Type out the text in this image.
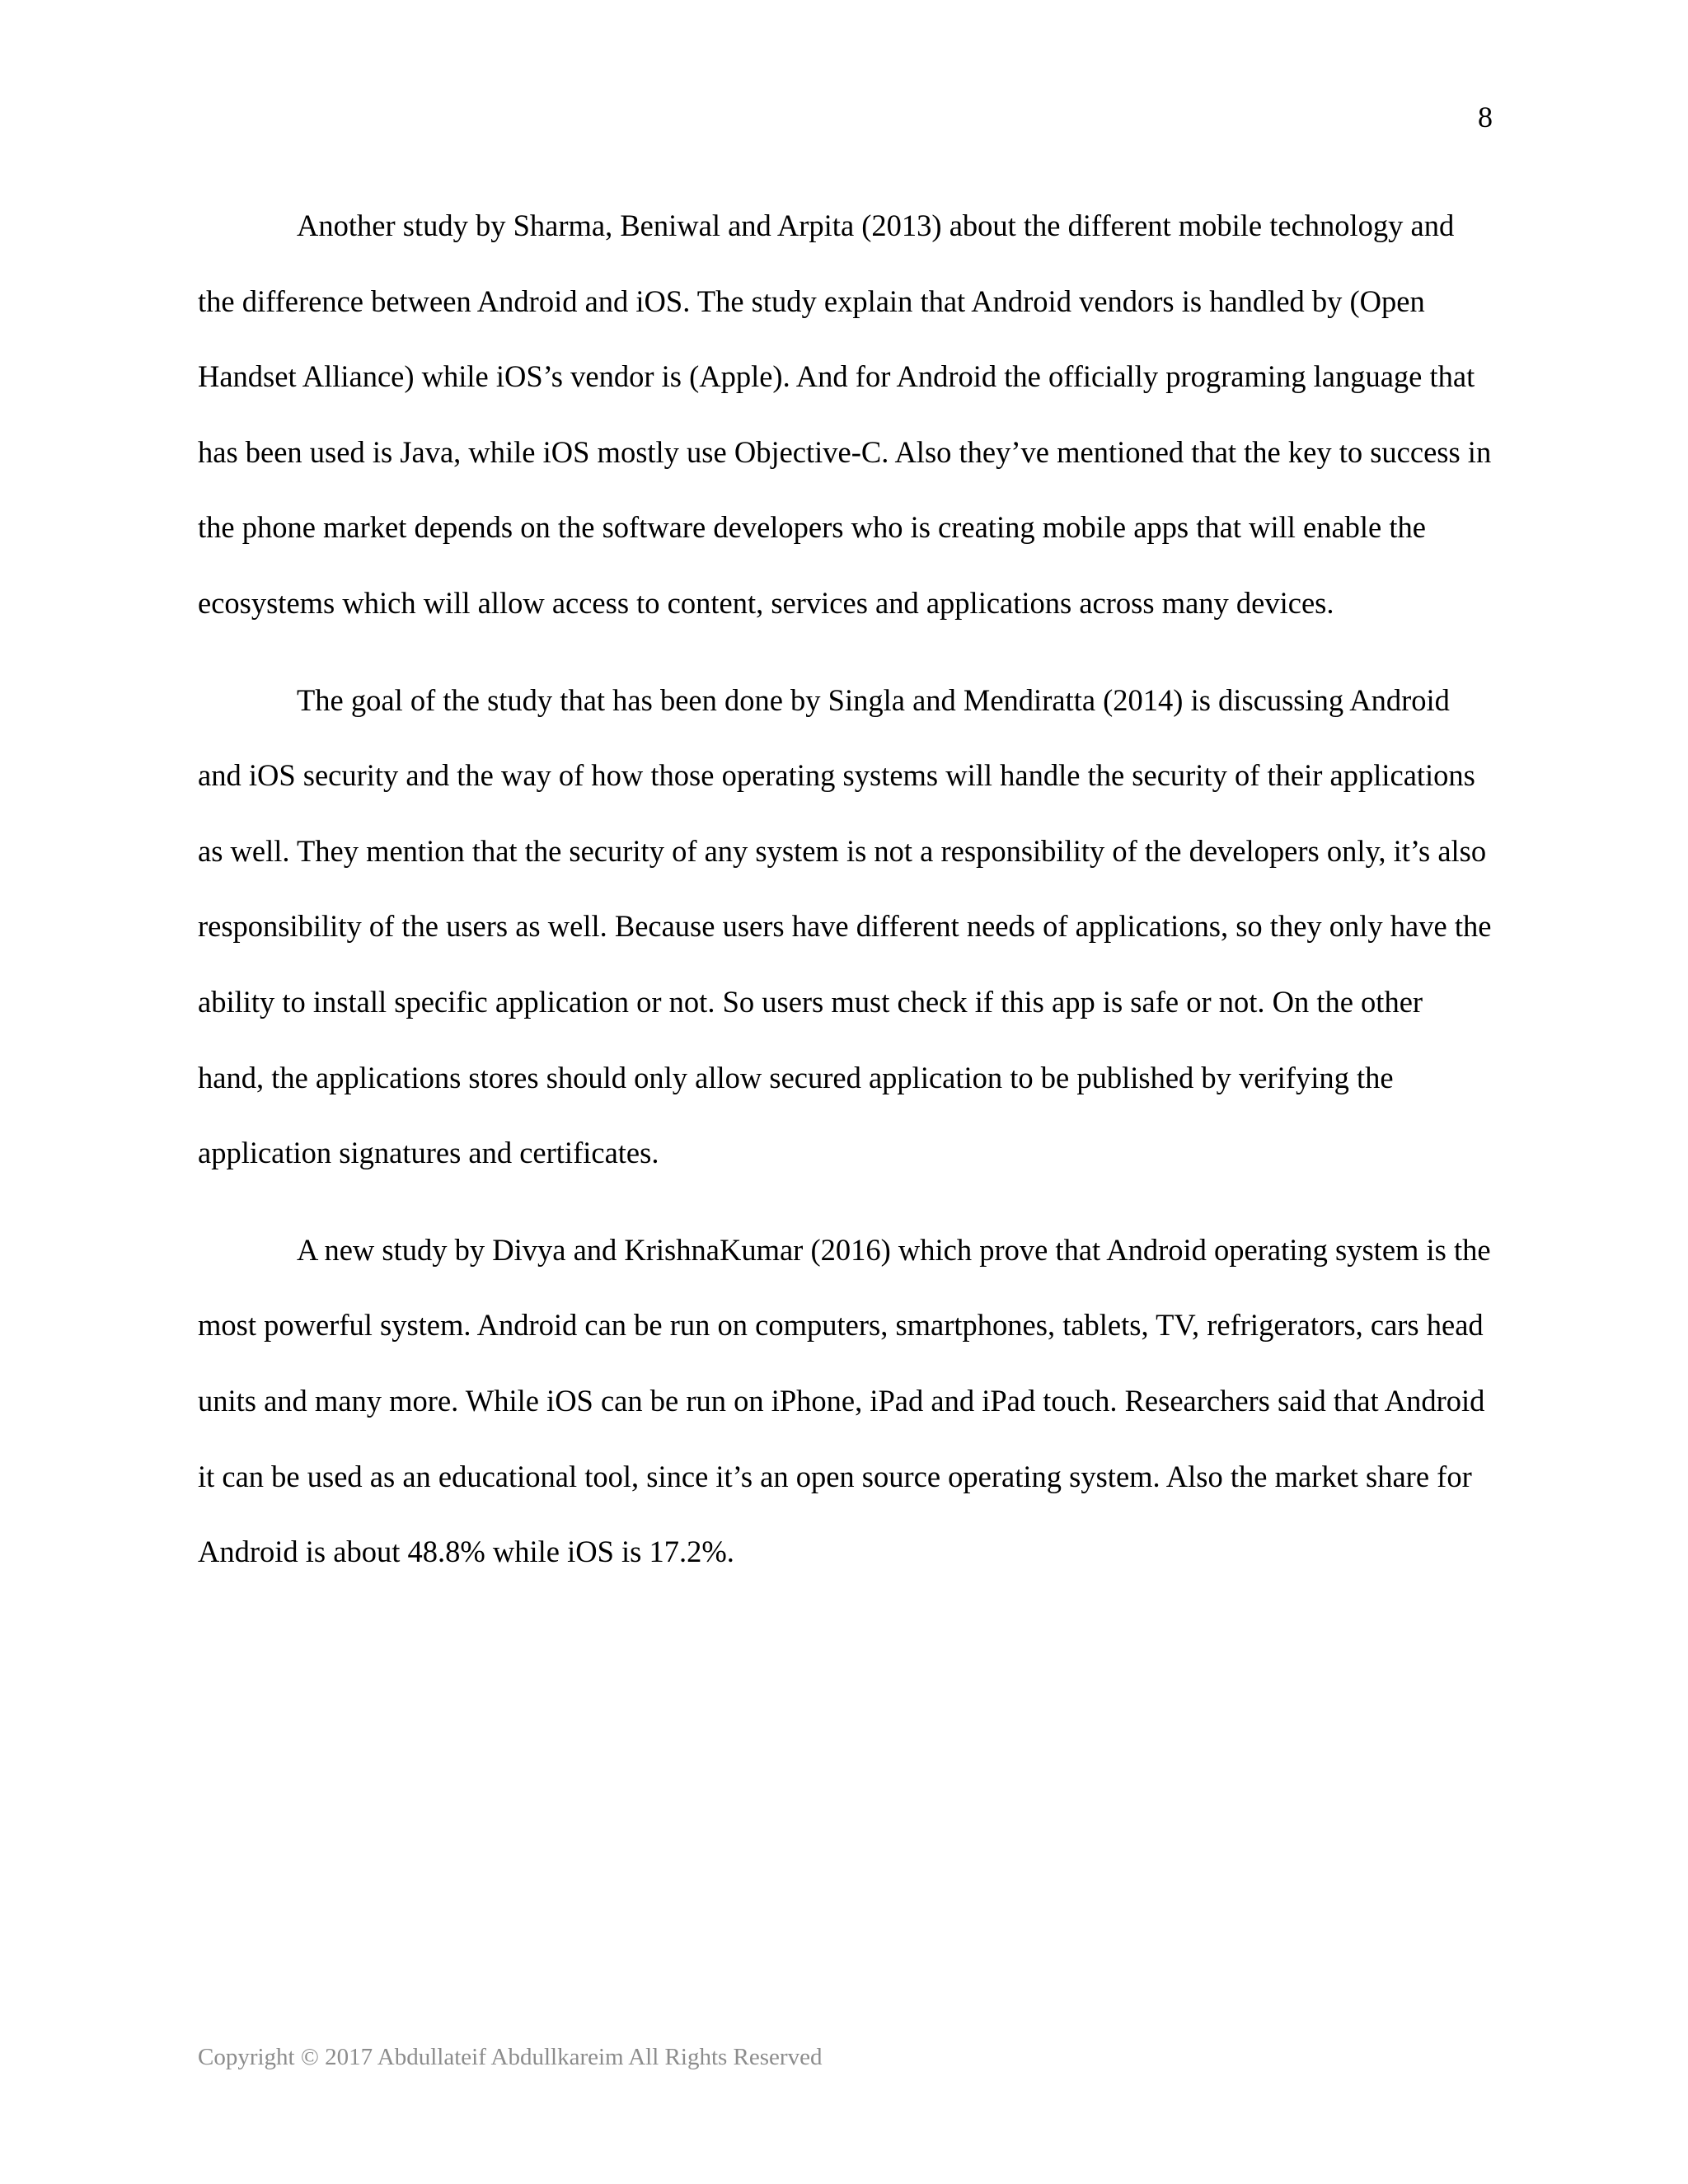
8

Another study by Sharma, Beniwal and Arpita (2013) about the different mobile technology and the difference between Android and iOS. The study explain that Android vendors is handled by (Open Handset Alliance) while iOS’s vendor is (Apple). And for Android the officially programing language that has been used is Java, while iOS mostly use Objective-C. Also they’ve mentioned that the key to success in the phone market depends on the software developers who is creating mobile apps that will enable the ecosystems which will allow access to content, services and applications across many devices.

The goal of the study that has been done by Singla and Mendiratta (2014) is discussing Android and iOS security and the way of how those operating systems will handle the security of their applications as well. They mention that the security of any system is not a responsibility of the developers only, it’s also responsibility of the users as well. Because users have different needs of applications, so they only have the ability to install specific application or not. So users must check if this app is safe or not. On the other hand, the applications stores should only allow secured application to be published by verifying the application signatures and certificates.

A new study by Divya and KrishnaKumar (2016) which prove that Android operating system is the most powerful system. Android can be run on computers, smartphones, tablets, TV, refrigerators, cars head units and many more. While iOS can be run on iPhone, iPad and iPad touch. Researchers said that Android it can be used as an educational tool, since it’s an open source operating system. Also the market share for Android is about 48.8% while iOS is 17.2%.

Copyright © 2017 Abdullateif Abdullkareim All Rights Reserved
